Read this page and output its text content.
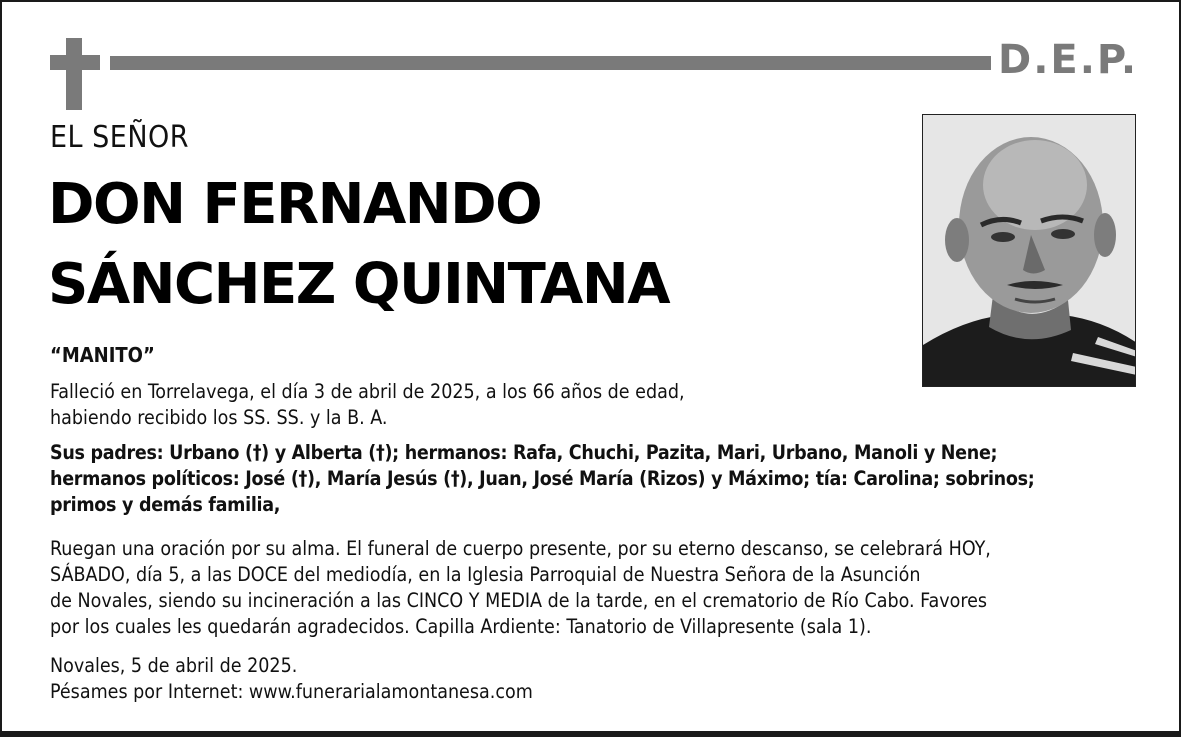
D.E.P.
EL SEÑOR
DON FERNANDO
SÁNCHEZ QUINTANA
“MANITO”
Falleció en Torrelavega, el día 3 de abril de 2025, a los 66 años de edad,
habiendo recibido los SS. SS. y la B. A.
Sus padres: Urbano (†) y Alberta (†); hermanos: Rafa, Chuchi, Pazita, Mari, Urbano, Manoli y Nene;
hermanos políticos: José (†), María Jesús (†), Juan, José María (Rizos) y Máximo; tía: Carolina; sobrinos;
primos y demás familia,
Ruegan una oración por su alma. El funeral de cuerpo presente, por su eterno descanso, se celebrará HOY,
SÁBADO, día 5, a las DOCE del mediodía, en la Iglesia Parroquial de Nuestra Señora de la Asunción
de Novales, siendo su incineración a las CINCO Y MEDIA de la tarde, en el crematorio de Río Cabo. Favores
por los cuales les quedarán agradecidos. Capilla Ardiente: Tanatorio de Villapresente (sala 1).
Novales, 5 de abril de 2025.
Pésames por Internet: www.funerarialamontanesa.com
